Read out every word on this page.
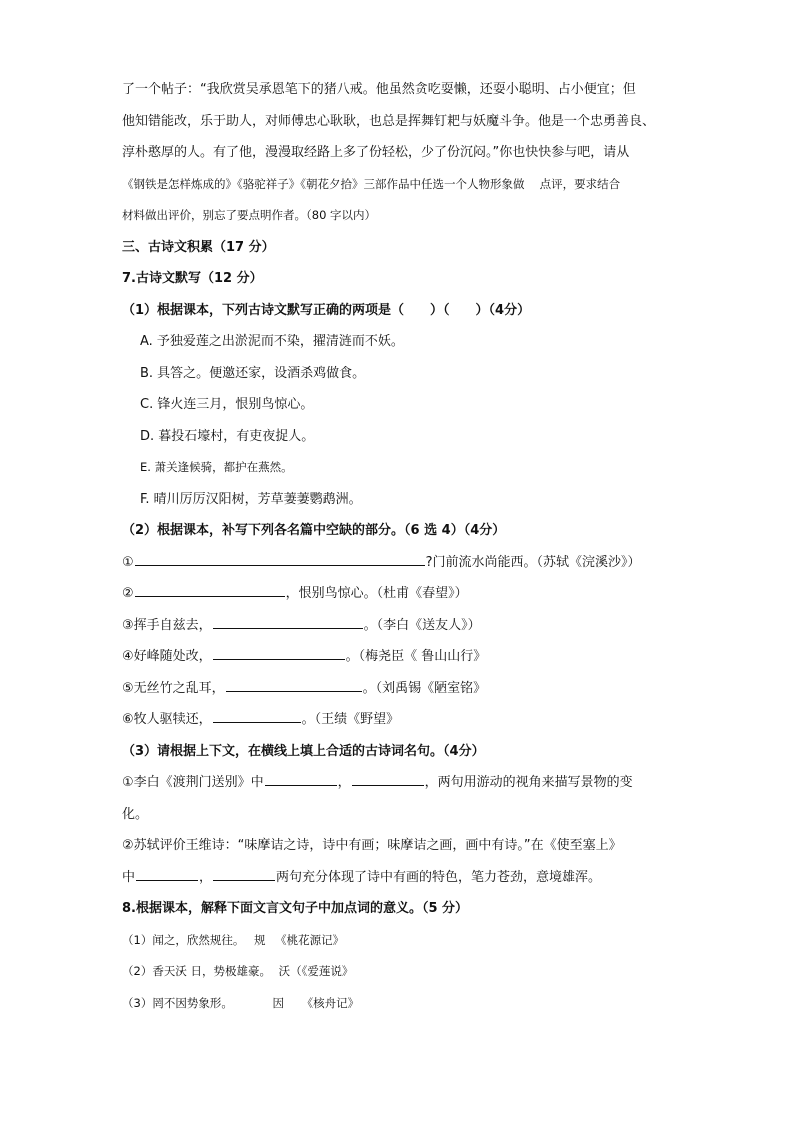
了一个帖子：“我欣赏吴承恩笔下的猪八戒。他虽然贪吃耍懒，还耍小聪明、占小便宜；但
他知错能改，乐于助人，对师傅忠心耿耿，也总是挥舞钉耙与妖魔斗争。他是一个忠勇善良、
淳朴憨厚的人。有了他，漫漫取经路上多了份轻松，少了份沉闷。”你也快快参与吧，请从
《钢铁是怎样炼成的》《骆驼祥子》《朝花夕拾》三部作品中任选一个人物形象做　 点评，要求结合
材料做出评价，别忘了要点明作者。（80 字以内）
三、古诗文积累（17 分）
7.古诗文默写（12 分）
（1）根据课本，下列古诗文默写正确的两项是（　　）（　　）（4分）
A. 予独爱莲之出淤泥而不染，擢清涟而不妖。
B. 具答之。便邀还家，设酒杀鸡做食。
C. 锋火连三月，恨别鸟惊心。
D. 暮投石壕村，有吏夜捉人。
E. 萧关逢候骑，都护在燕然。
F. 晴川厉厉汉阳树，芳草萋萋鹦鹉洲。
（2）根据课本，补写下列各名篇中空缺的部分。（6 选 4）（4分）
①	?门前流水尚能西。（苏轼《浣溪沙》）
②	，恨别鸟惊心。（杜甫《春望》）
③挥手自兹去，	。（李白《送友人》）
④好峰随处改，	。（梅尧臣《 鲁山山行》
⑤无丝竹之乱耳，	。（刘禹锡《陋室铭》
⑥牧人驱犊还，	。（王绩《野望》
（3）请根据上下文，在横线上填上合适的古诗词名句。（4分）
①李白《渡荆门送别》中	，	，两句用游动的视角来描写景物的变
化。
②苏轼评价王维诗：“味摩诘之诗，诗中有画；味摩诘之画，画中有诗。”在《使至塞上》
中	，	两句充分体现了诗中有画的特色，笔力苍劲，意境雄浑。
8.根据课本，解释下面文言文句子中加点词的意义。（5 分）
（1）闻之，欣然规 ·往。 规 《桃花源记》
（2）香天沃 · 日，势极雄豪。 沃（《爱莲说》
（3）罔不因 ·势象形。	因 《核舟记》
